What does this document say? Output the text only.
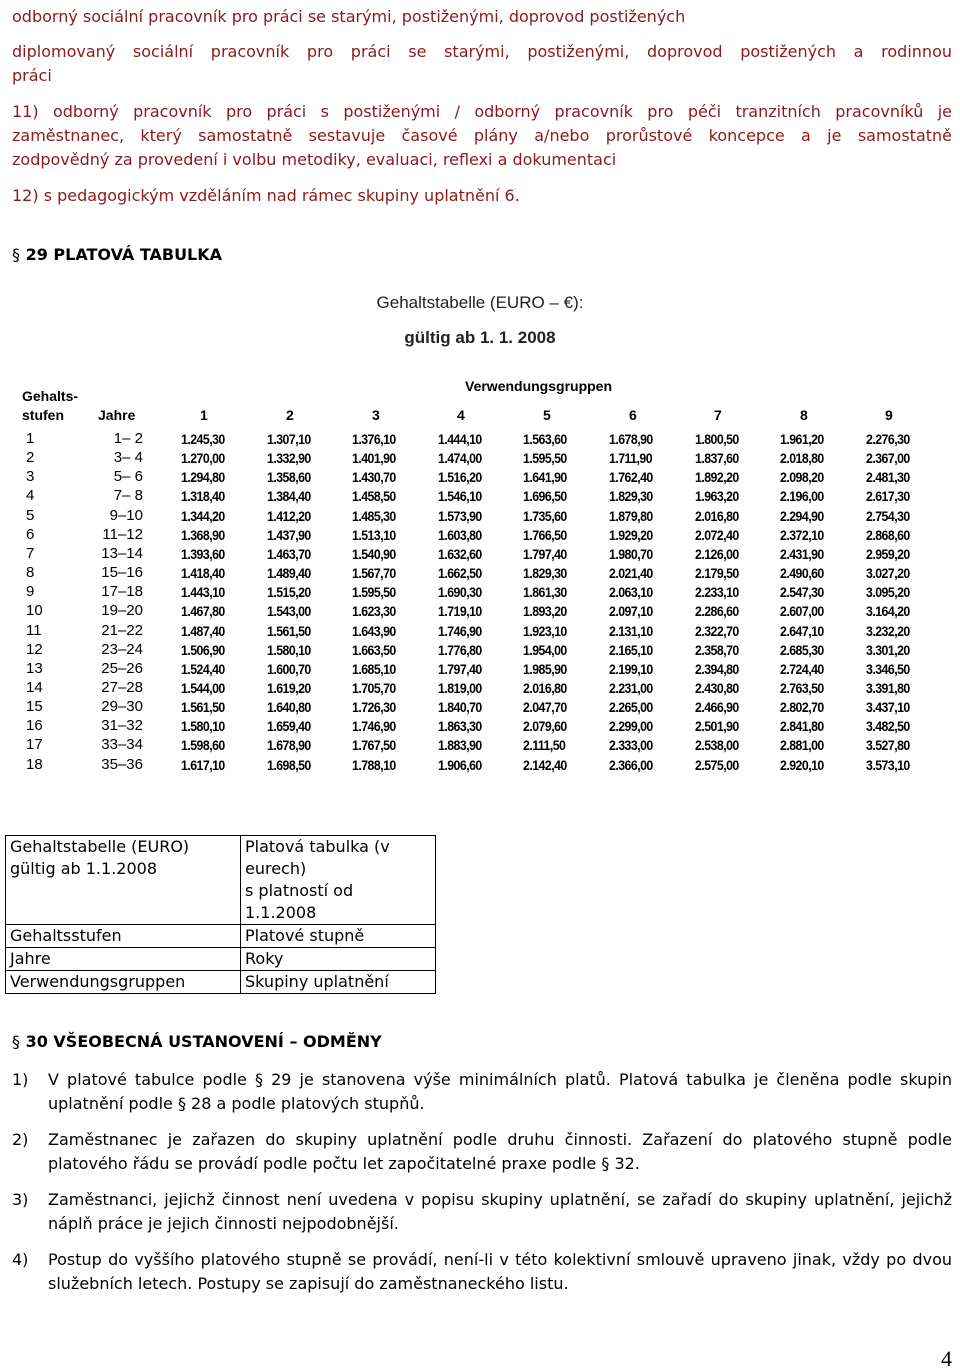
odborný sociální pracovník pro práci se starými, postiženými, doprovod postižených
diplomovaný sociální pracovník pro práci se starými, postiženými, doprovod postižených a rodinnou
práci
11) odborný pracovník pro práci s postiženými / odborný pracovník pro péči tranzitních pracovníků je
zaměstnanec, který samostatně sestavuje časové plány a/nebo prorůstové koncepce a je samostatně
zodpovědný za provedení i volbu metodiky, evaluaci, reflexi a dokumentaci
12) s pedagogickým vzděláním nad rámec skupiny uplatnění 6.
§ 29 PLATOVÁ TABULKA
Gehaltstabelle (EURO – €):
gültig ab 1. 1. 2008
Verwendungsgruppen
Gehalts-
stufen Jahre	1	2	3	4	5	6	7	8	9
1	1– 2	1.245,30	1.307,10	1.376,10	1.444,10	1.563,60	1.678,90	1.800,50	1.961,20	2.276,30
2	3– 4	1.270,00	1.332,90	1.401,90	1.474,00	1.595,50	1.711,90	1.837,60	2.018,80	2.367,00
3	5– 6	1.294,80	1.358,60	1.430,70	1.516,20	1.641,90	1.762,40	1.892,20	2.098,20	2.481,30
4	7– 8	1.318,40	1.384,40	1.458,50	1.546,10	1.696,50	1.829,30	1.963,20	2.196,00	2.617,30
5	9–10	1.344,20	1.412,20	1.485,30	1.573,90	1.735,60	1.879,80	2.016,80	2.294,90	2.754,30
6	11–12	1.368,90	1.437,90	1.513,10	1.603,80	1.766,50	1.929,20	2.072,40	2.372,10	2.868,60
7	13–14	1.393,60	1.463,70	1.540,90	1.632,60	1.797,40	1.980,70	2.126,00	2.431,90	2.959,20
8	15–16	1.418,40	1.489,40	1.567,70	1.662,50	1.829,30	2.021,40	2.179,50	2.490,60	3.027,20
9	17–18	1.443,10	1.515,20	1.595,50	1.690,30	1.861,30	2.063,10	2.233,10	2.547,30	3.095,20
10	19–20	1.467,80	1.543,00	1.623,30	1.719,10	1.893,20	2.097,10	2.286,60	2.607,00	3.164,20
11	21–22	1.487,40	1.561,50	1.643,90	1.746,90	1.923,10	2.131,10	2.322,70	2.647,10	3.232,20
12	23–24	1.506,90	1.580,10	1.663,50	1.776,80	1.954,00	2.165,10	2.358,70	2.685,30	3.301,20
13	25–26	1.524,40	1.600,70	1.685,10	1.797,40	1.985,90	2.199,10	2.394,80	2.724,40	3.346,50
14	27–28	1.544,00	1.619,20	1.705,70	1.819,00	2.016,80	2.231,00	2.430,80	2.763,50	3.391,80
15	29–30	1.561,50	1.640,80	1.726,30	1.840,70	2.047,70	2.265,00	2.466,90	2.802,70	3.437,10
16	31–32	1.580,10	1.659,40	1.746,90	1.863,30	2.079,60	2.299,00	2.501,90	2.841,80	3.482,50
17	33–34	1.598,60	1.678,90	1.767,50	1.883,90	2.111,50	2.333,00	2.538,00	2.881,00	3.527,80
18	35–36	1.617,10	1.698,50	1.788,10	1.906,60	2.142,40	2.366,00	2.575,00	2.920,10	3.573,10
Gehaltstabelle (EURO)
gültig ab 1.1.2008	Platová tabulka (v
eurech)
s platností od
1.1.2008
Gehaltsstufen	Platové stupně
Jahre	Roky
Verwendungsgruppen	Skupiny uplatnění
§ 30 VŠEOBECNÁ USTANOVENÍ – ODMĚNY
1) V platové tabulce podle § 29 je stanovena výše minimálních platů. Platová tabulka je členěna podle skupin uplatnění podle § 28 a podle platových stupňů.
2) Zaměstnanec je zařazen do skupiny uplatnění podle druhu činnosti. Zařazení do platového stupně podle platového řádu se provádí podle počtu let započitatelné praxe podle § 32.
3) Zaměstnanci, jejichž činnost není uvedena v popisu skupiny uplatnění, se zařadí do skupiny uplatnění, jejichž náplň práce je jejich činnosti nejpodobnější.
4) Postup do vyššího platového stupně se provádí, není-li v této kolektivní smlouvě upraveno jinak, vždy po dvou služebních letech. Postupy se zapisují do zaměstnaneckého listu.
4
